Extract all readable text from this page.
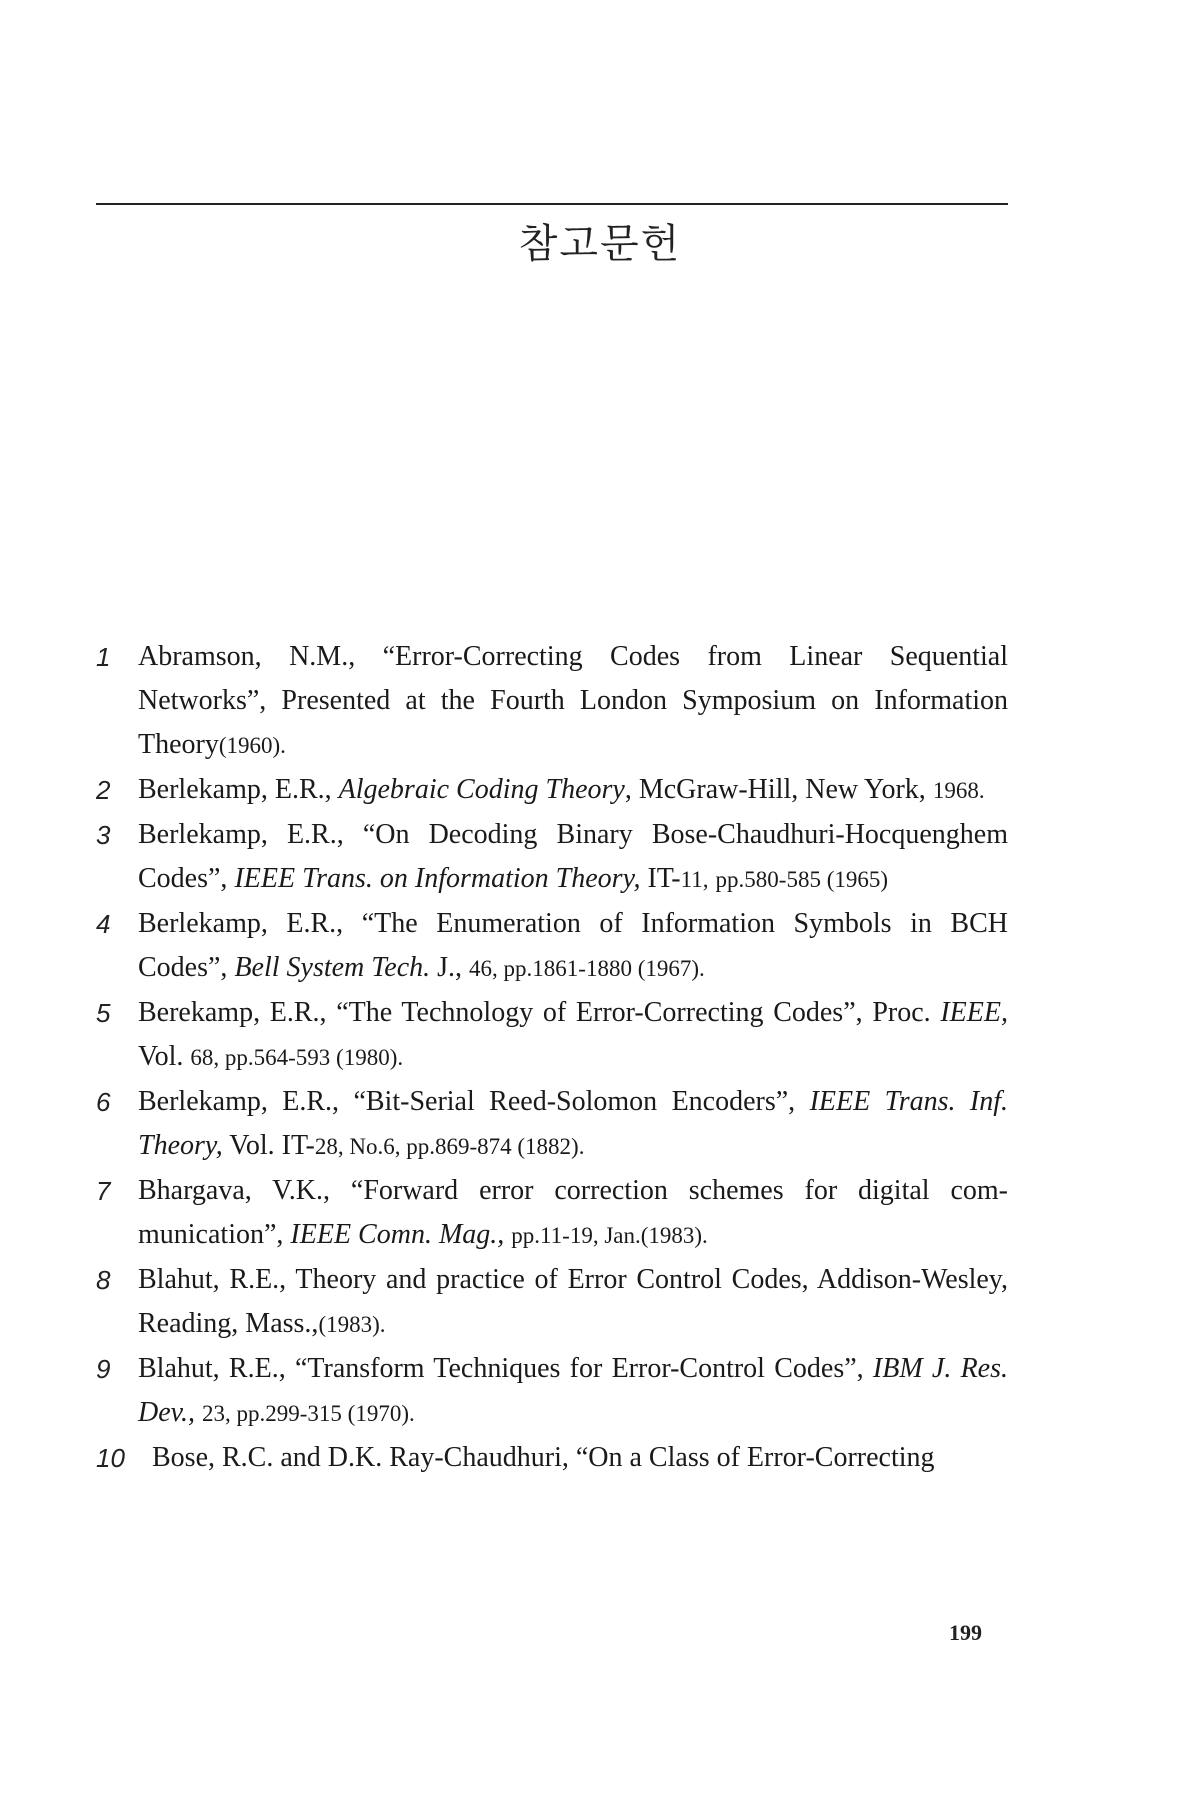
참고문헌
1 Abramson, N.M., “Error-Correcting Codes from Linear Sequential Networks”, Presented at the Fourth London Symposium on Information Theory(1960).
2 Berlekamp, E.R., Algebraic Coding Theory, McGraw-Hill, New York, 1968.
3 Berlekamp, E.R., “On Decoding Binary Bose-Chaudhuri-Hocquenghem Codes”, IEEE Trans. on Information Theory, IT-11, pp.580-585 (1965)
4 Berlekamp, E.R., “The Enumeration of Information Symbols in BCH Codes”, Bell System Tech. J., 46, pp.1861-1880 (1967).
5 Berekamp, E.R., “The Technology of Error-Correcting Codes”, Proc. IEEE, Vol. 68, pp.564-593 (1980).
6 Berlekamp, E.R., “Bit-Serial Reed-Solomon Encoders”, IEEE Trans. Inf. Theory, Vol. IT-28, No.6, pp.869-874 (1882).
7 Bhargava, V.K., “Forward error correction schemes for digital communication”, IEEE Comn. Mag., pp.11-19, Jan.(1983).
8 Blahut, R.E., Theory and practice of Error Control Codes, Addison-Wesley, Reading, Mass.,(1983).
9 Blahut, R.E., “Transform Techniques for Error-Control Codes”, IBM J. Res. Dev., 23, pp.299-315 (1970).
10 Bose, R.C. and D.K. Ray-Chaudhuri, “On a Class of Error-Correcting
199
